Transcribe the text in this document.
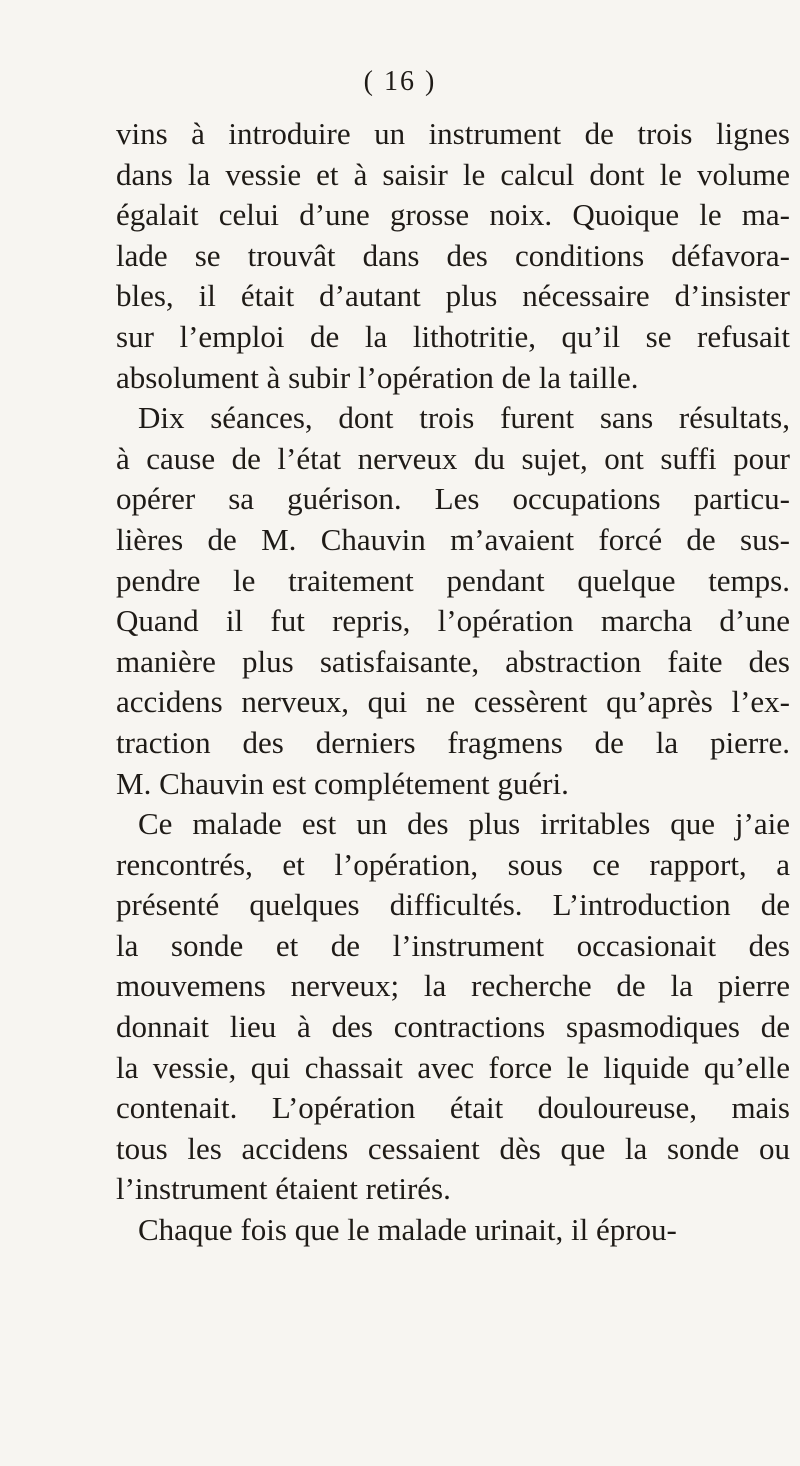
( 16 )
vins à introduire un instrument de trois lignes
dans la vessie et à saisir le calcul dont le volume
égalait celui d’une grosse noix. Quoique le ma-
lade se trouvât dans des conditions défavora-
bles, il était d’autant plus nécessaire d’insister
sur l’emploi de la lithotritie, qu’il se refusait
absolument à subir l’opération de la taille.
Dix séances, dont trois furent sans résultats,
à cause de l’état nerveux du sujet, ont suffi pour
opérer sa guérison. Les occupations particu-
lières de M. Chauvin m’avaient forcé de sus-
pendre le traitement pendant quelque temps.
Quand il fut repris, l’opération marcha d’une
manière plus satisfaisante, abstraction faite des
accidens nerveux, qui ne cessèrent qu’après l’ex-
traction des derniers fragmens de la pierre.
M. Chauvin est complétement guéri.
Ce malade est un des plus irritables que j’aie
rencontrés, et l’opération, sous ce rapport, a
présenté quelques difficultés. L’introduction de
la sonde et de l’instrument occasionait des
mouvemens nerveux; la recherche de la pierre
donnait lieu à des contractions spasmodiques de
la vessie, qui chassait avec force le liquide qu’elle
contenait. L’opération était douloureuse, mais
tous les accidens cessaient dès que la sonde ou
l’instrument étaient retirés.
Chaque fois que le malade urinait, il éprou-
